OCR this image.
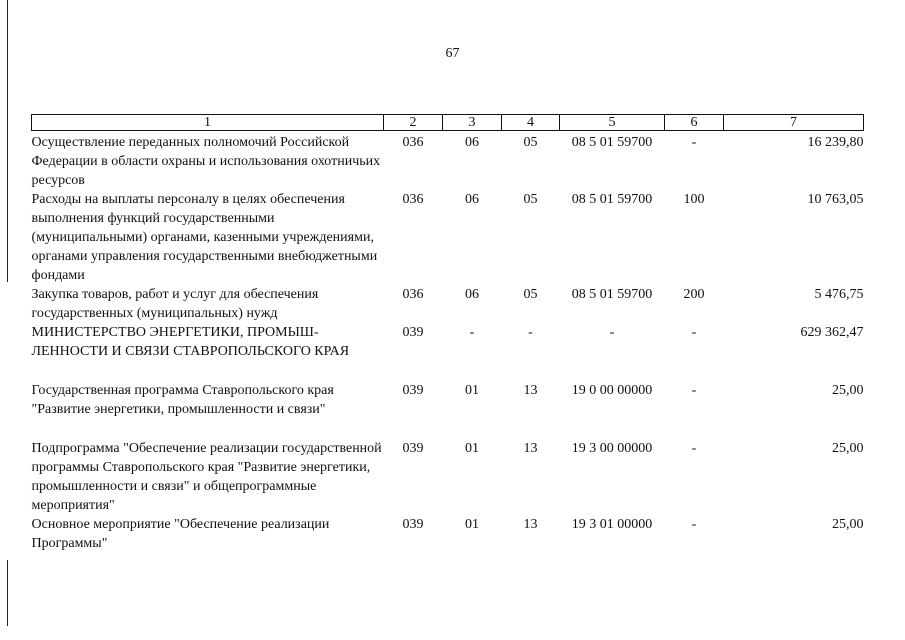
67
1	2	3	4	5	6	7
Осуществление переданных полномочий Российской Федерации в области охраны и использования охотничьих ресурсов	036	06	05	08 5 01 59700	-	16 239,80
Расходы на выплаты персоналу в целях обеспечения выполнения функций государственными (муниципальными) органами, казенными учреждениями, органами управления государственными внебюджетными фондами	036	06	05	08 5 01 59700	100	10 763,05
Закупка товаров, работ и услуг для обеспечения государственных (муниципальных) нужд	036	06	05	08 5 01 59700	200	5 476,75
МИНИСТЕРСТВО ЭНЕРГЕТИКИ, ПРОМЫШ-ЛЕННОСТИ И СВЯЗИ СТАВРОПОЛЬСКОГО КРАЯ	039	-	-	-	-	629 362,47
Государственная программа Ставропольского края "Развитие энергетики, промышленности и связи"	039	01	13	19 0 00 00000	-	25,00
Подпрограмма "Обеспечение реализации государственной программы Ставропольского края "Развитие энергетики, промышленности и связи" и общепрограммные мероприятия"	039	01	13	19 3 00 00000	-	25,00
Основное мероприятие "Обеспечение реализации Программы"	039	01	13	19 3 01 00000	-	25,00
